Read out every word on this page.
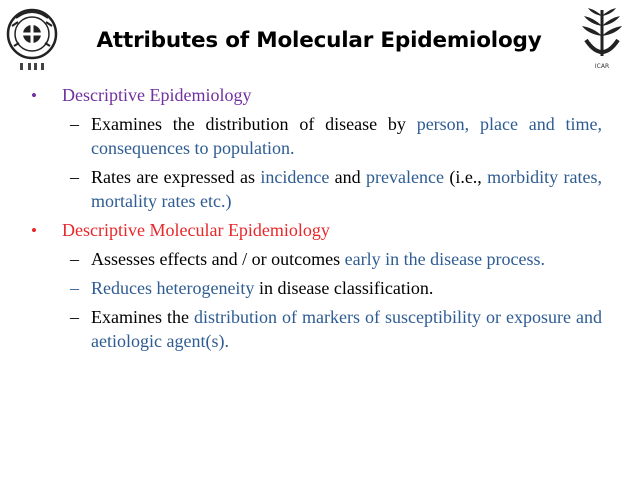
ICAR
Attributes of Molecular Epidemiology
• Descriptive Epidemiology
– Examines the distribution of disease by person, place and time, consequences to population.
– Rates are expressed as incidence and prevalence (i.e., morbidity rates, mortality rates etc.)
• Descriptive Molecular Epidemiology
– Assesses effects and / or outcomes early in the disease process.
– Reduces heterogeneity in disease classification.
– Examines the distribution of markers of susceptibility or exposure and aetiologic agent(s).
